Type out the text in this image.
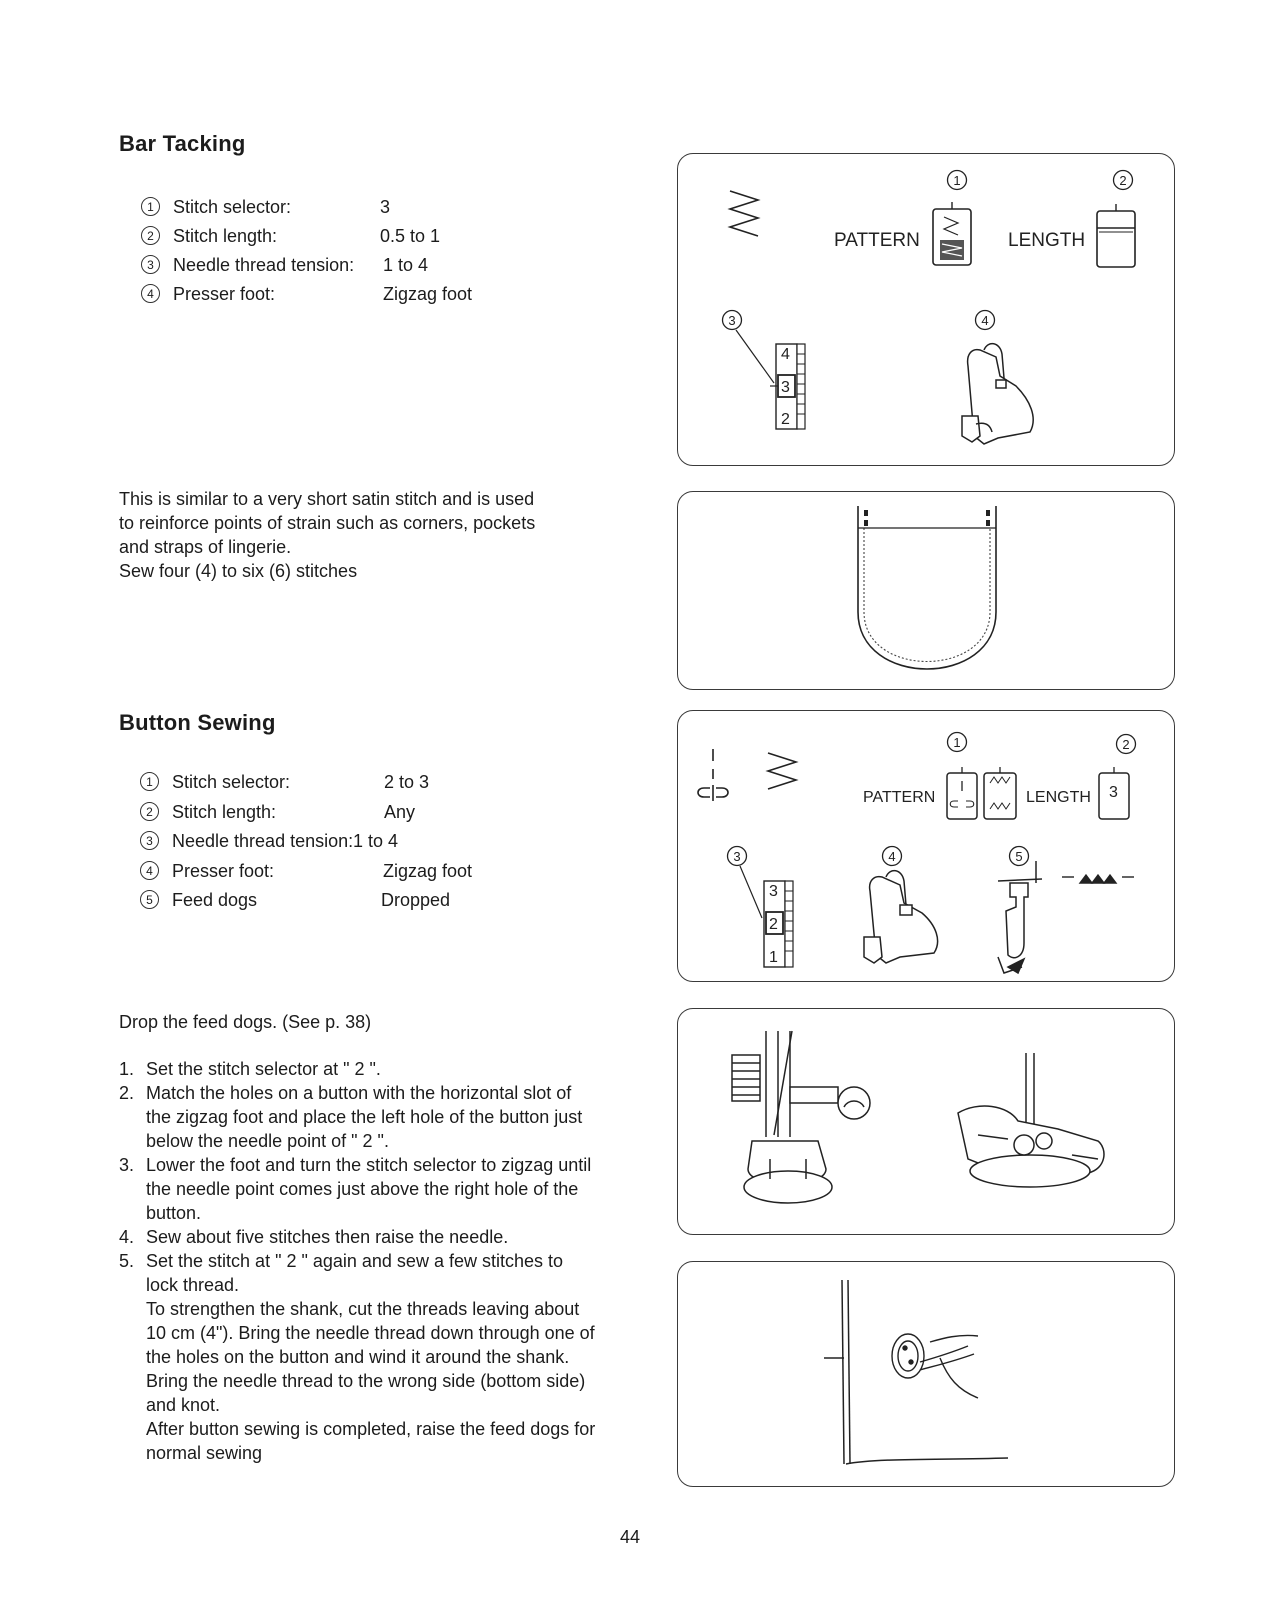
Bar Tacking
1	Stitch selector:	3
2	Stitch length:	0.5 to 1
3	Needle thread tension: 1 to 4
4	Presser foot:	Zigzag foot
This is similar to a very short satin stitch and is used
to reinforce points of strain such as corners, pockets
and straps of lingerie.
Sew four (4) to six (6) stitches
1	2
PATTERN	LENGTH
3	4
4
3
2
Button Sewing
1	Stitch selector:	2 to 3
2	Stitch length:	Any
3	Needle thread tension: 1 to 4
4	Presser foot:	Zigzag foot
5	Feed dogs	Dropped
Drop the feed dogs. (See p. 38)
1. Set the stitch selector at " 2 ".
2. Match the holes on a button with the horizontal slot of
the zigzag foot and place the left hole of the button just
below the needle point of " 2 ".
3. Lower the foot and turn the stitch selector to zigzag until
the needle point comes just above the right hole of the
button.
4. Sew about five stitches then raise the needle.
5. Set the stitch at " 2 " again and sew a few stitches to
lock thread.
To strengthen the shank, cut the threads leaving about
10 cm (4"). Bring the needle thread down through one of
the holes on the button and wind it around the shank.
Bring the needle thread to the wrong side (bottom side)
and knot.
After button sewing is completed, raise the feed dogs for
normal sewing
1	2
PATTERN	LENGTH 3
3	4	5
3
2
1
44
